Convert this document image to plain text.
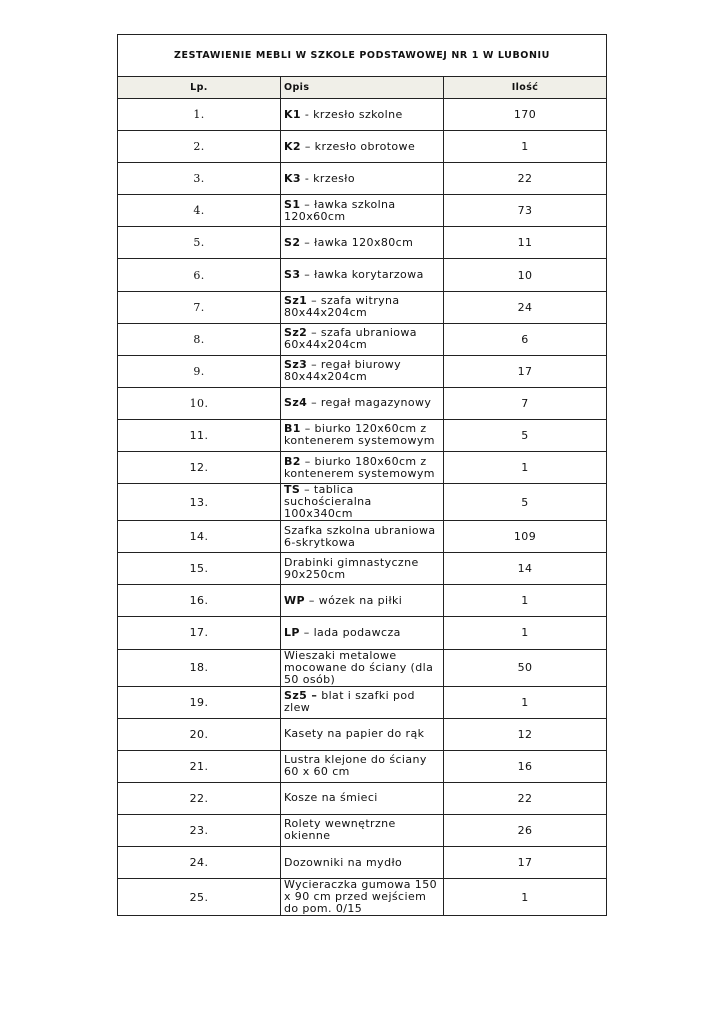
ZESTAWIENIE MEBLI W SZKOLE PODSTAWOWEJ NR 1 W LUBONIU		
Lp.	Opis	Ilość
1.	K1 - krzesło szkolne	170
2.	K2 – krzesło obrotowe	1
3.	K3 - krzesło	22
4.	S1 – ławka szkolna 120x60cm	73
5.	S2 – ławka 120x80cm	11
6.	S3 – ławka korytarzowa	10
7.	Sz1 – szafa witryna 80x44x204cm	24
8.	Sz2 – szafa ubraniowa 60x44x204cm	6
9.	Sz3 – regał biurowy 80x44x204cm	17
10.	Sz4 – regał magazynowy	7
11.	B1 – biurko 120x60cm z kontenerem systemowym	5
12.	B2 – biurko 180x60cm z kontenerem systemowym	1
13.	TS – tablica suchościeralna 100x340cm	5
14.	Szafka szkolna ubraniowa 6-skrytkowa	109
15.	Drabinki gimnastyczne 90x250cm	14
16.	WP – wózek na piłki	1
17.	LP – lada podawcza	1
18.	Wieszaki metalowe mocowane do ściany (dla 50 osób)	50
19.	Sz5 – blat i szafki pod zlew	1
20.	Kasety na papier do rąk	12
21.	Lustra klejone do ściany 60 x 60 cm	16
22.	Kosze na śmieci	22
23.	Rolety wewnętrzne okienne	26
24.	Dozowniki na mydło	17
25.	Wycieraczka gumowa 150 x 90 cm przed wejściem do pom. 0/15	1
